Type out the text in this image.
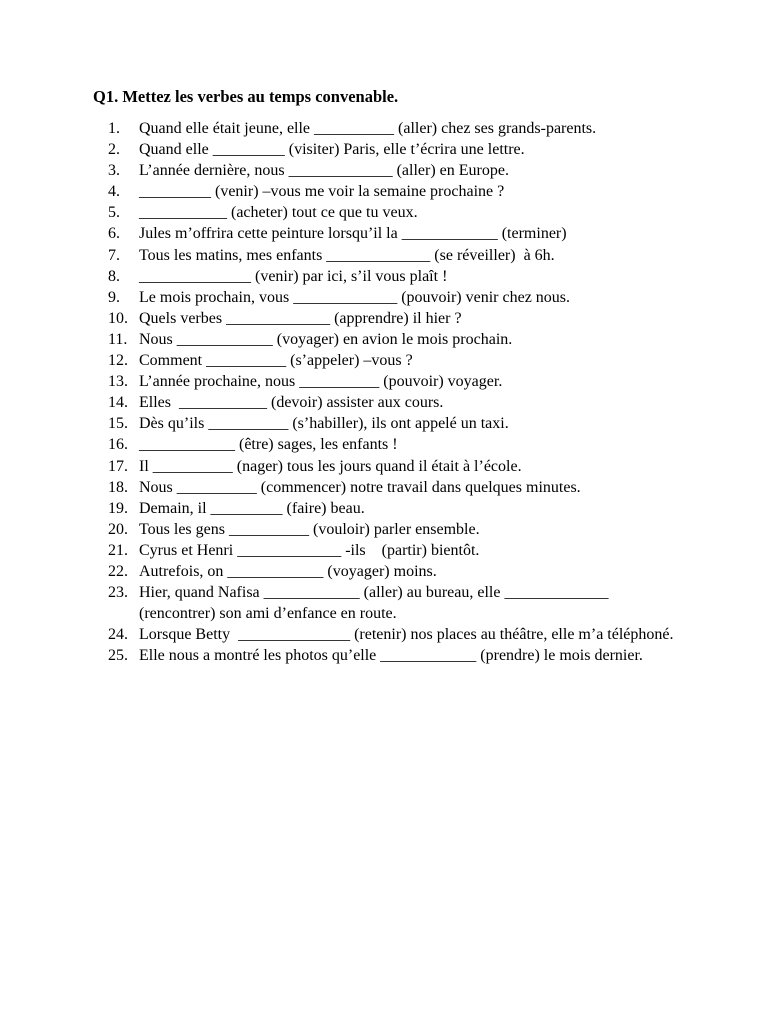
Q1. Mettez les verbes au temps convenable.
1.	Quand elle était jeune, elle __________ (aller) chez ses grands-parents.
2.	Quand elle _________ (visiter) Paris, elle t’écrira une lettre.
3.	L’année dernière, nous _____________ (aller) en Europe.
4.	_________ (venir) –vous me voir la semaine prochaine ?
5.	___________ (acheter) tout ce que tu veux.
6.	Jules m’offrira cette peinture lorsqu’il la ____________ (terminer)
7.	Tous les matins, mes enfants _____________ (se réveiller)  à 6h.
8.	______________ (venir) par ici, s’il vous plaît !
9.	Le mois prochain, vous _____________ (pouvoir) venir chez nous.
10. Quels verbes _____________ (apprendre) il hier ?
11. Nous ____________ (voyager) en avion le mois prochain.
12. Comment __________ (s’appeler) –vous ?
13. L’année prochaine, nous __________ (pouvoir) voyager.
14. Elles  ___________ (devoir) assister aux cours.
15. Dès qu’ils __________ (s’habiller), ils ont appelé un taxi.
16. ____________ (être) sages, les enfants !
17. Il __________ (nager) tous les jours quand il était à l’école.
18. Nous __________ (commencer) notre travail dans quelques minutes.
19. Demain, il _________ (faire) beau.
20. Tous les gens __________ (vouloir) parler ensemble.
21. Cyrus et Henri _____________ -ils    (partir) bientôt.
22. Autrefois, on ____________ (voyager) moins.
23. Hier, quand Nafisa ____________ (aller) au bureau, elle _____________ (rencontrer) son ami d’enfance en route.
24. Lorsque Betty  ______________ (retenir) nos places au théâtre, elle m’a téléphoné.
25. Elle nous a montré les photos qu’elle ____________ (prendre) le mois dernier.
